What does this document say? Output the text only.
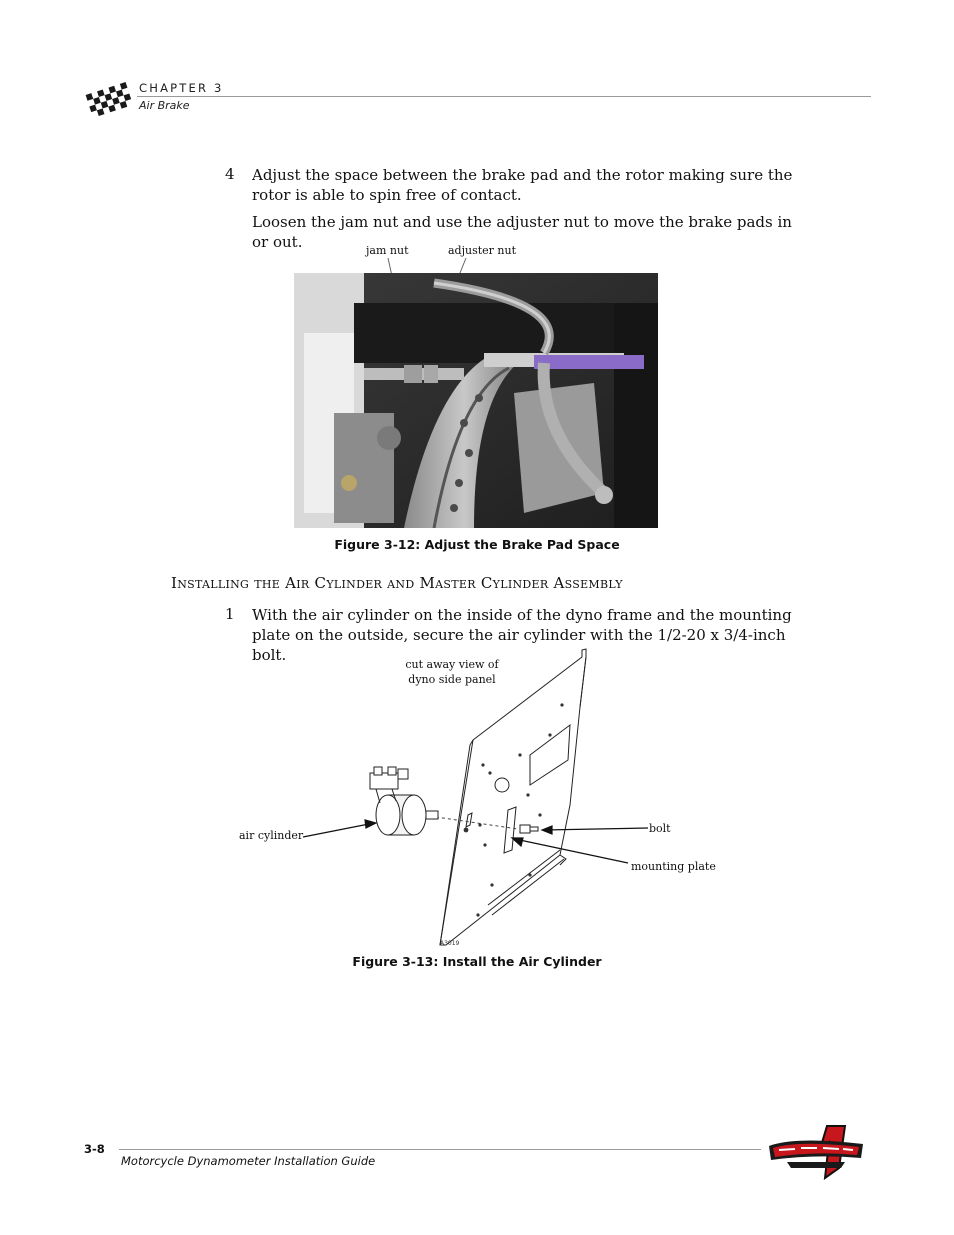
CHAPTER 3
Air Brake
4 Adjust the space between the brake pad and the rotor making sure the rotor is able to spin free of contact.
Loosen the jam nut and use the adjuster nut to move the brake pads in or out.	jam nut	adjuster nut
Figure 3-12: Adjust the Brake Pad Space
Installing the Air Cylinder and Master Cylinder Assembly
1 With the air cylinder on the inside of the dyno frame and the mounting plate on the outside, secure the air cylinder with the 1/2-20 x 3/4-inch bolt.
A3019
cut away view of
dyno side panel
air cylinder
bolt
mounting plate
Figure 3-13: Install the Air Cylinder
3-8
Motorcycle Dynamometer Installation Guide
